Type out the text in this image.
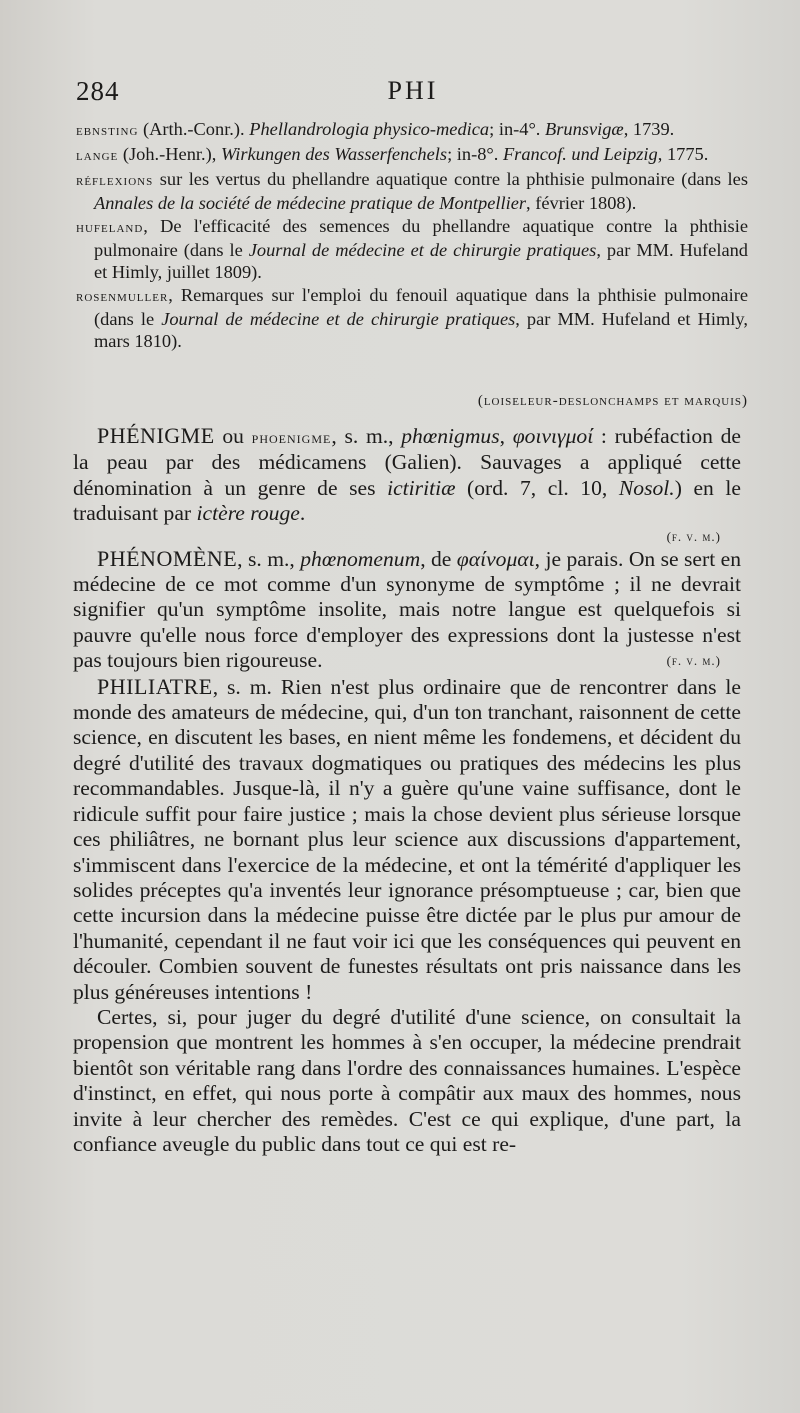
284	PHI
ebnsting (Arth.-Conr.). Phellandrologia physico-medica; in-4°. Brunsvigæ, 1739.
lange (Joh.-Henr.), Wirkungen des Wasserfenchels; in-8°. Francof. und Leipzig, 1775.
réflexions sur les vertus du phellandre aquatique contre la phthisie pulmonaire (dans les Annales de la société de médecine pratique de Montpellier, février 1808).
hufeland, De l'efficacité des semences du phellandre aquatique contre la phthisie pulmonaire (dans le Journal de médecine et de chirurgie pratiques, par MM. Hufeland et Himly, juillet 1809).
rosenmuller, Remarques sur l'emploi du fenouil aquatique dans la phthisie pulmonaire (dans le Journal de médecine et de chirurgie pratiques, par MM. Hufeland et Himly, mars 1810).
(loiseleur-deslonchamps et marquis)

PHÉNIGME ou phoenigme, s. m., phœnigmus, φοινιγμοί : rubéfaction de la peau par des médicamens (Galien). Sauvages a appliqué cette dénomination à un genre de ses ictiritiæ (ord. 7, cl. 10, Nosol.) en le traduisant par ictère rouge.

(f. v. m.)

PHÉNOMÈNE, s. m., phœnomenum, de φαίνομαι, je parais. On se sert en médecine de ce mot comme d'un synonyme de symptôme ; il ne devrait signifier qu'un symptôme insolite, mais notre langue est quelquefois si pauvre qu'elle nous force d'employer des expressions dont la justesse n'est pas toujours bien rigoureuse.	(f. v. m.)

PHILIATRE, s. m. Rien n'est plus ordinaire que de rencontrer dans le monde des amateurs de médecine, qui, d'un ton tranchant, raisonnent de cette science, en discutent les bases, en nient même les fondemens, et décident du degré d'utilité des travaux dogmatiques ou pratiques des médecins les plus recommandables. Jusque-là, il n'y a guère qu'une vaine suffisance, dont le ridicule suffit pour faire justice ; mais la chose devient plus sérieuse lorsque ces philiâtres, ne bornant plus leur science aux discussions d'appartement, s'immiscent dans l'exercice de la médecine, et ont la témérité d'appliquer les solides préceptes qu'a inventés leur ignorance présomptueuse ; car, bien que cette incursion dans la médecine puisse être dictée par le plus pur amour de l'humanité, cependant il ne faut voir ici que les conséquences qui peuvent en découler. Combien souvent de funestes résultats ont pris naissance dans les plus généreuses intentions !

Certes, si, pour juger du degré d'utilité d'une science, on consultait la propension que montrent les hommes à s'en occuper, la médecine prendrait bientôt son véritable rang dans l'ordre des connaissances humaines. L'espèce d'instinct, en effet, qui nous porte à compâtir aux maux des hommes, nous invite à leur chercher des remèdes. C'est ce qui explique, d'une part, la confiance aveugle du public dans tout ce qui est re-
